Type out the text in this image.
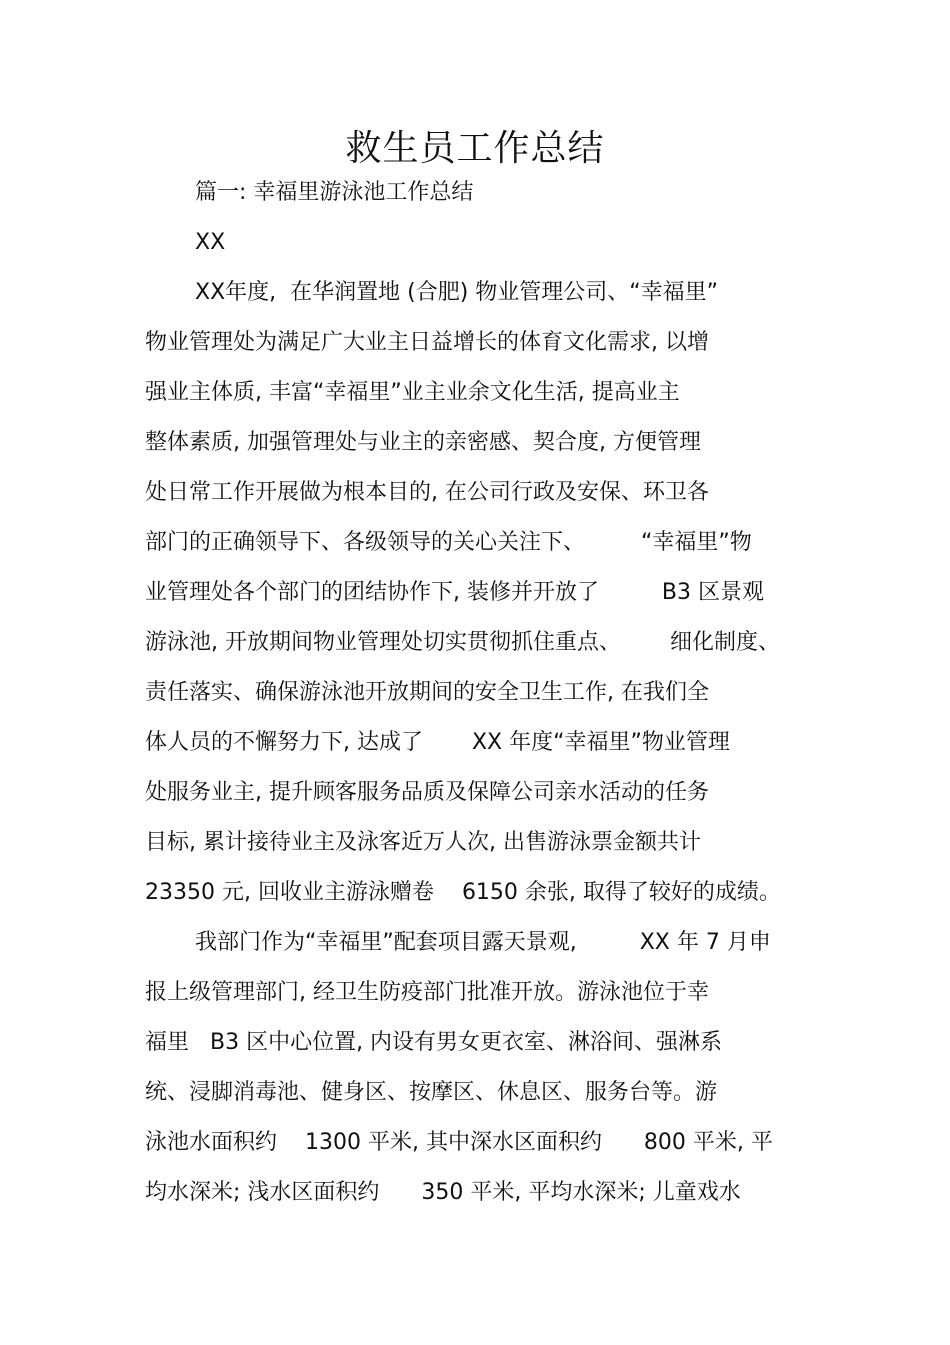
救生员工作总结
篇一: 幸福里游泳池工作总结
XX
XX年度,  在华润置地 (合肥) 物业管理公司、“幸福里”
物业管理处为满足广大业主日益增长的体育文化需求, 以增
强业主体质, 丰富“幸福里”业主业余文化生活, 提高业主
整体素质, 加强管理处与业主的亲密感、契合度, 方便管理
处日常工作开展做为根本目的, 在公司行政及安保、环卫各
部门的正确领导下、各级领导的关心关注下、        “幸福里”物
业管理处各个部门的团结协作下, 装修并开放了         B3 区景观
游泳池, 开放期间物业管理处切实贯彻抓住重点、       细化制度、
责任落实、确保游泳池开放期间的安全卫生工作, 在我们全
体人员的不懈努力下, 达成了       XX 年度“幸福里”物业管理
处服务业主, 提升顾客服务品质及保障公司亲水活动的任务
目标, 累计接待业主及泳客近万人次, 出售游泳票金额共计
23350 元, 回收业主游泳赠卷    6150 余张, 取得了较好的成绩。
我部门作为“幸福里”配套项目露天景观,         XX 年 7 月申
报上级管理部门, 经卫生防疫部门批准开放。游泳池位于幸
福里   B3 区中心位置, 内设有男女更衣室、淋浴间、强淋系
统、浸脚消毒池、健身区、按摩区、休息区、服务台等。游
泳池水面积约    1300 平米, 其中深水区面积约      800 平米, 平
均水深米; 浅水区面积约      350 平米, 平均水深米; 儿童戏水
